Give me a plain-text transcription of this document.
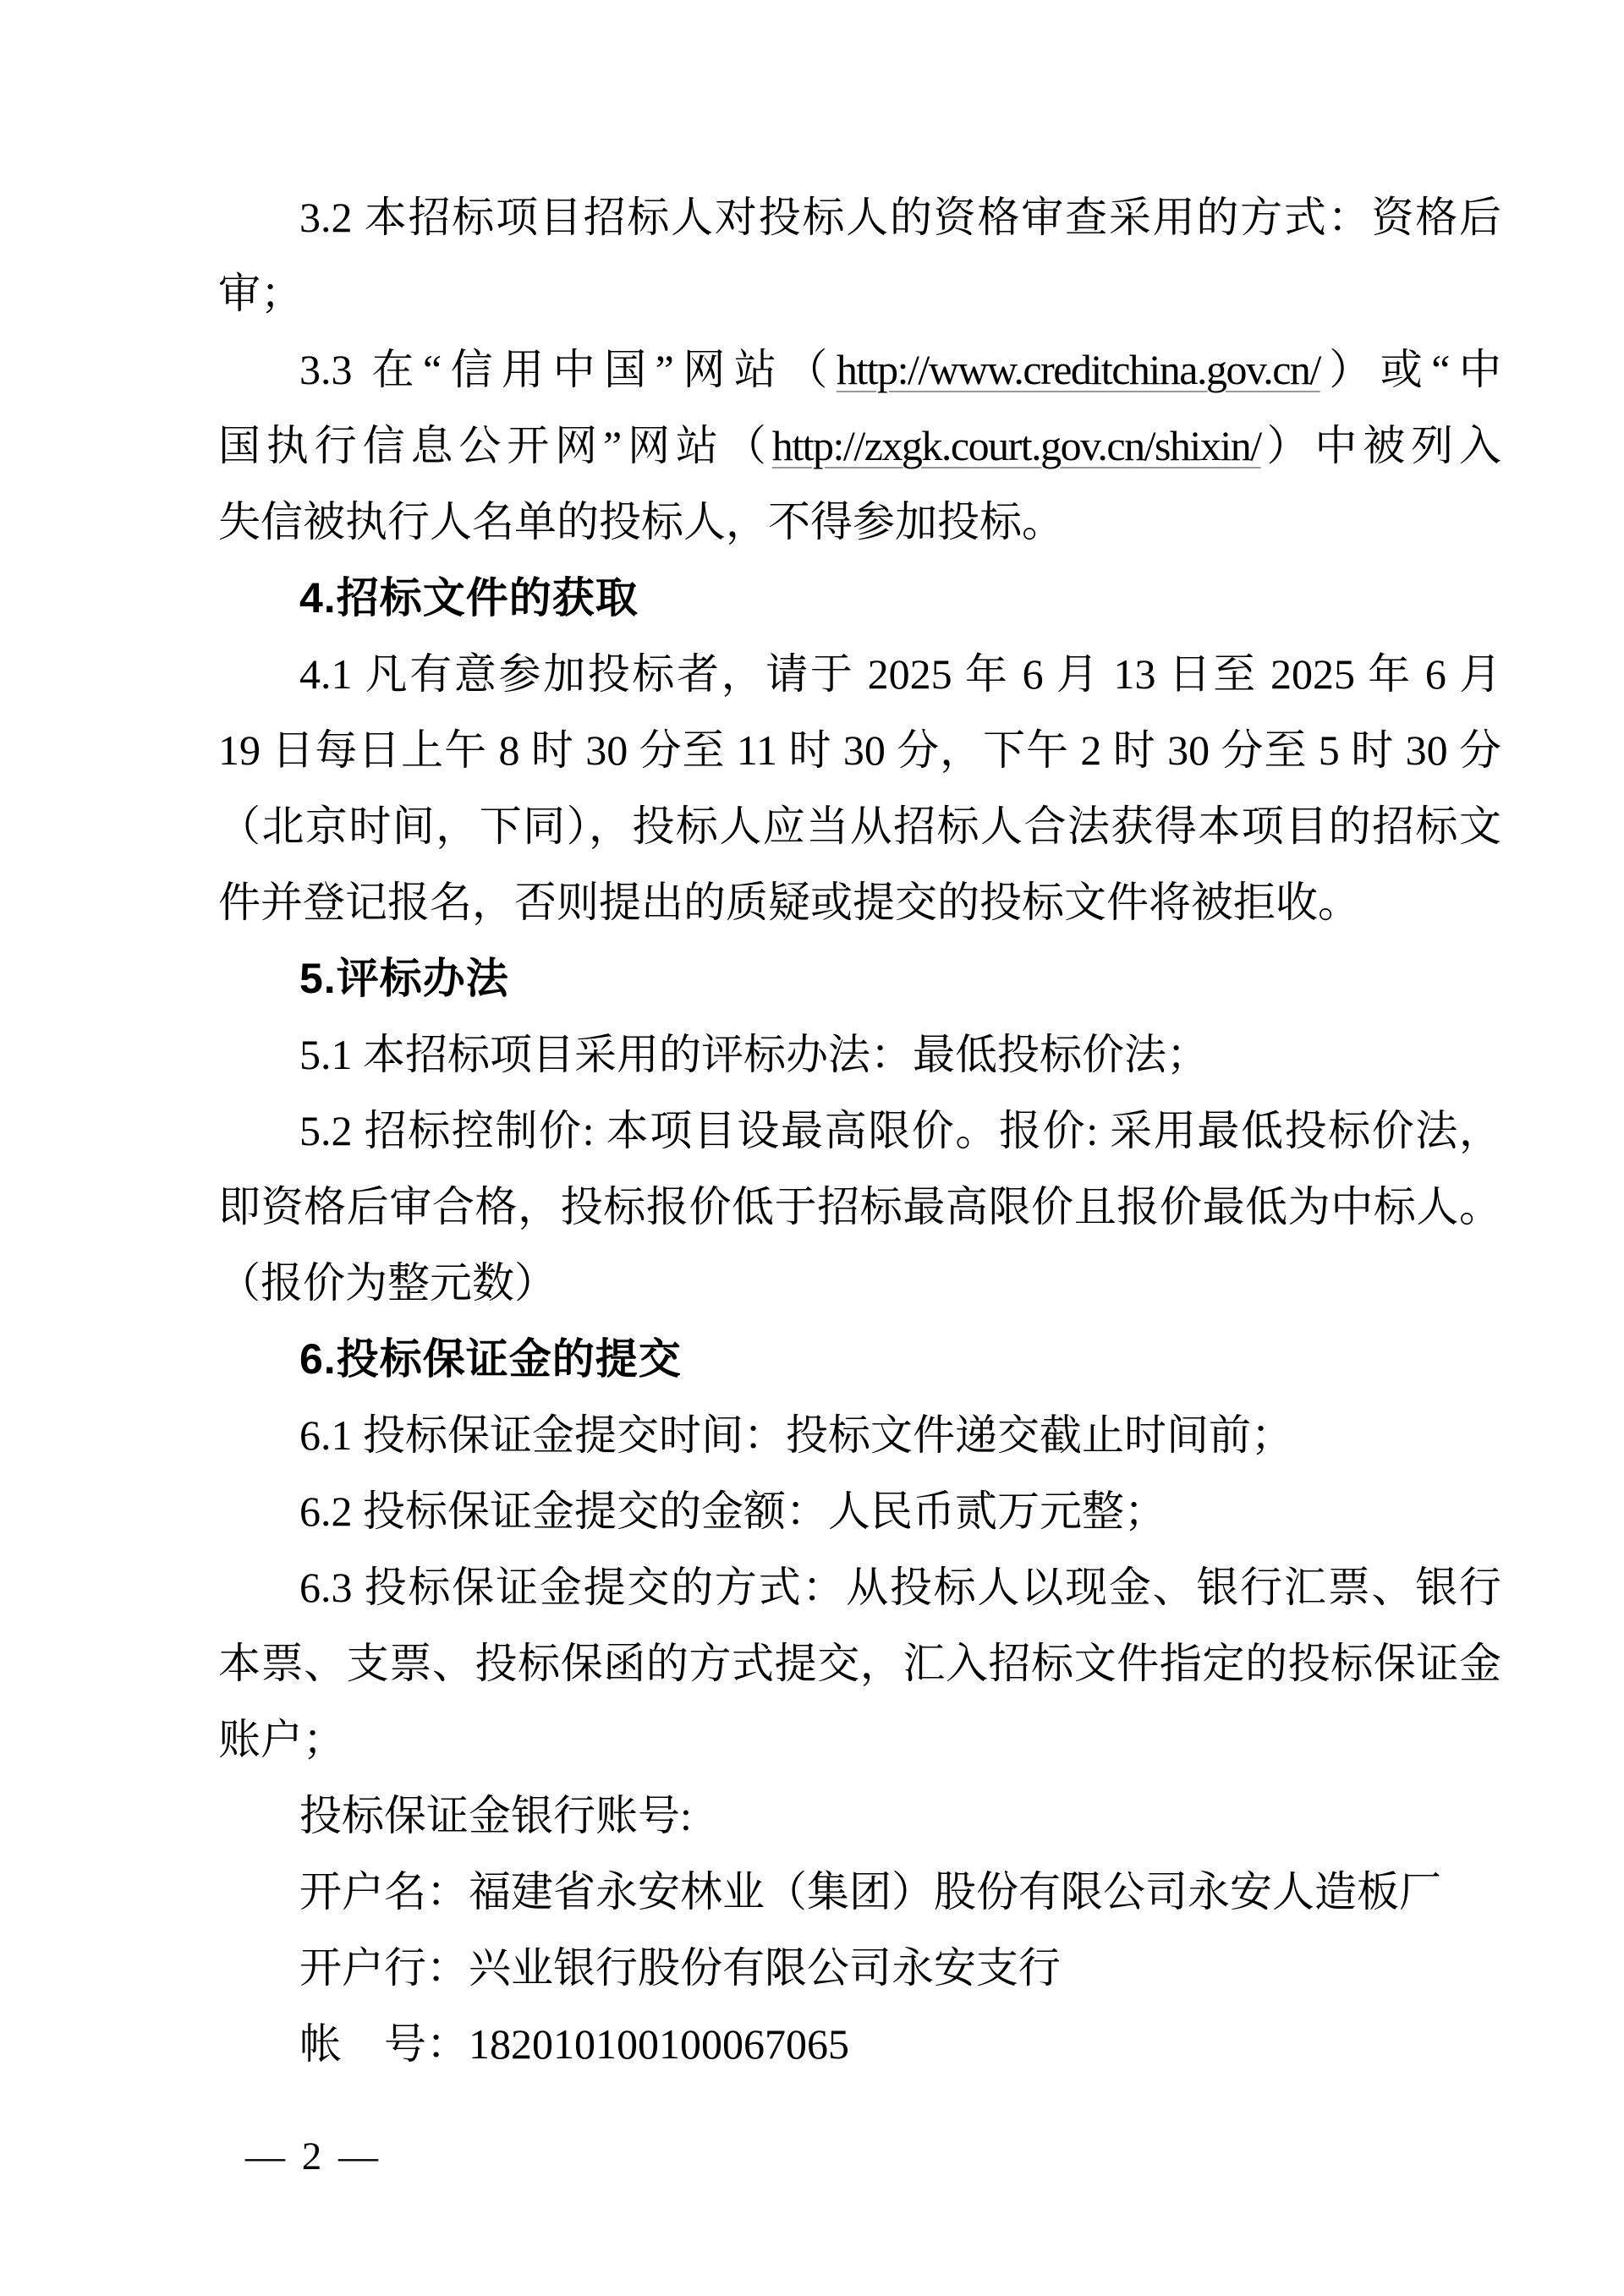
3.2 本招标项目招标人对投标人的资格审查采用的方式：资格后
审；
3.3 在“信用中国”网站（http://www.creditchina.gov.cn/）或“中
国执行信息公开网”网站（http://zxgk.court.gov.cn/shixin/）中被列入
失信被执行人名单的投标人，不得参加投标。
4.招标文件的获取
4.1 凡有意参加投标者，请于 2025 年 6 月 13 日至 2025 年 6 月
19 日每日上午 8 时 30 分至 11 时 30 分，下午 2 时 30 分至 5 时 30 分
（北京时间，下同），投标人应当从招标人合法获得本项目的招标文
件并登记报名，否则提出的质疑或提交的投标文件将被拒收。
5.评标办法
5.1 本招标项目采用的评标办法：最低投标价法；
5.2 招标控制价: 本项目设最高限价。报价: 采用最低投标价法，
即资格后审合格，投标报价低于招标最高限价且报价最低为中标人。
（报价为整元数）
6.投标保证金的提交
6.1 投标保证金提交时间：投标文件递交截止时间前；
6.2 投标保证金提交的金额：人民币贰万元整；
6.3 投标保证金提交的方式：从投标人以现金、银行汇票、银行
本票、支票、投标保函的方式提交，汇入招标文件指定的投标保证金
账户；
投标保证金银行账号:
开户名：福建省永安林业（集团）股份有限公司永安人造板厂
开户行：兴业银行股份有限公司永安支行
帐　号：182010100100067065
— 2 —
